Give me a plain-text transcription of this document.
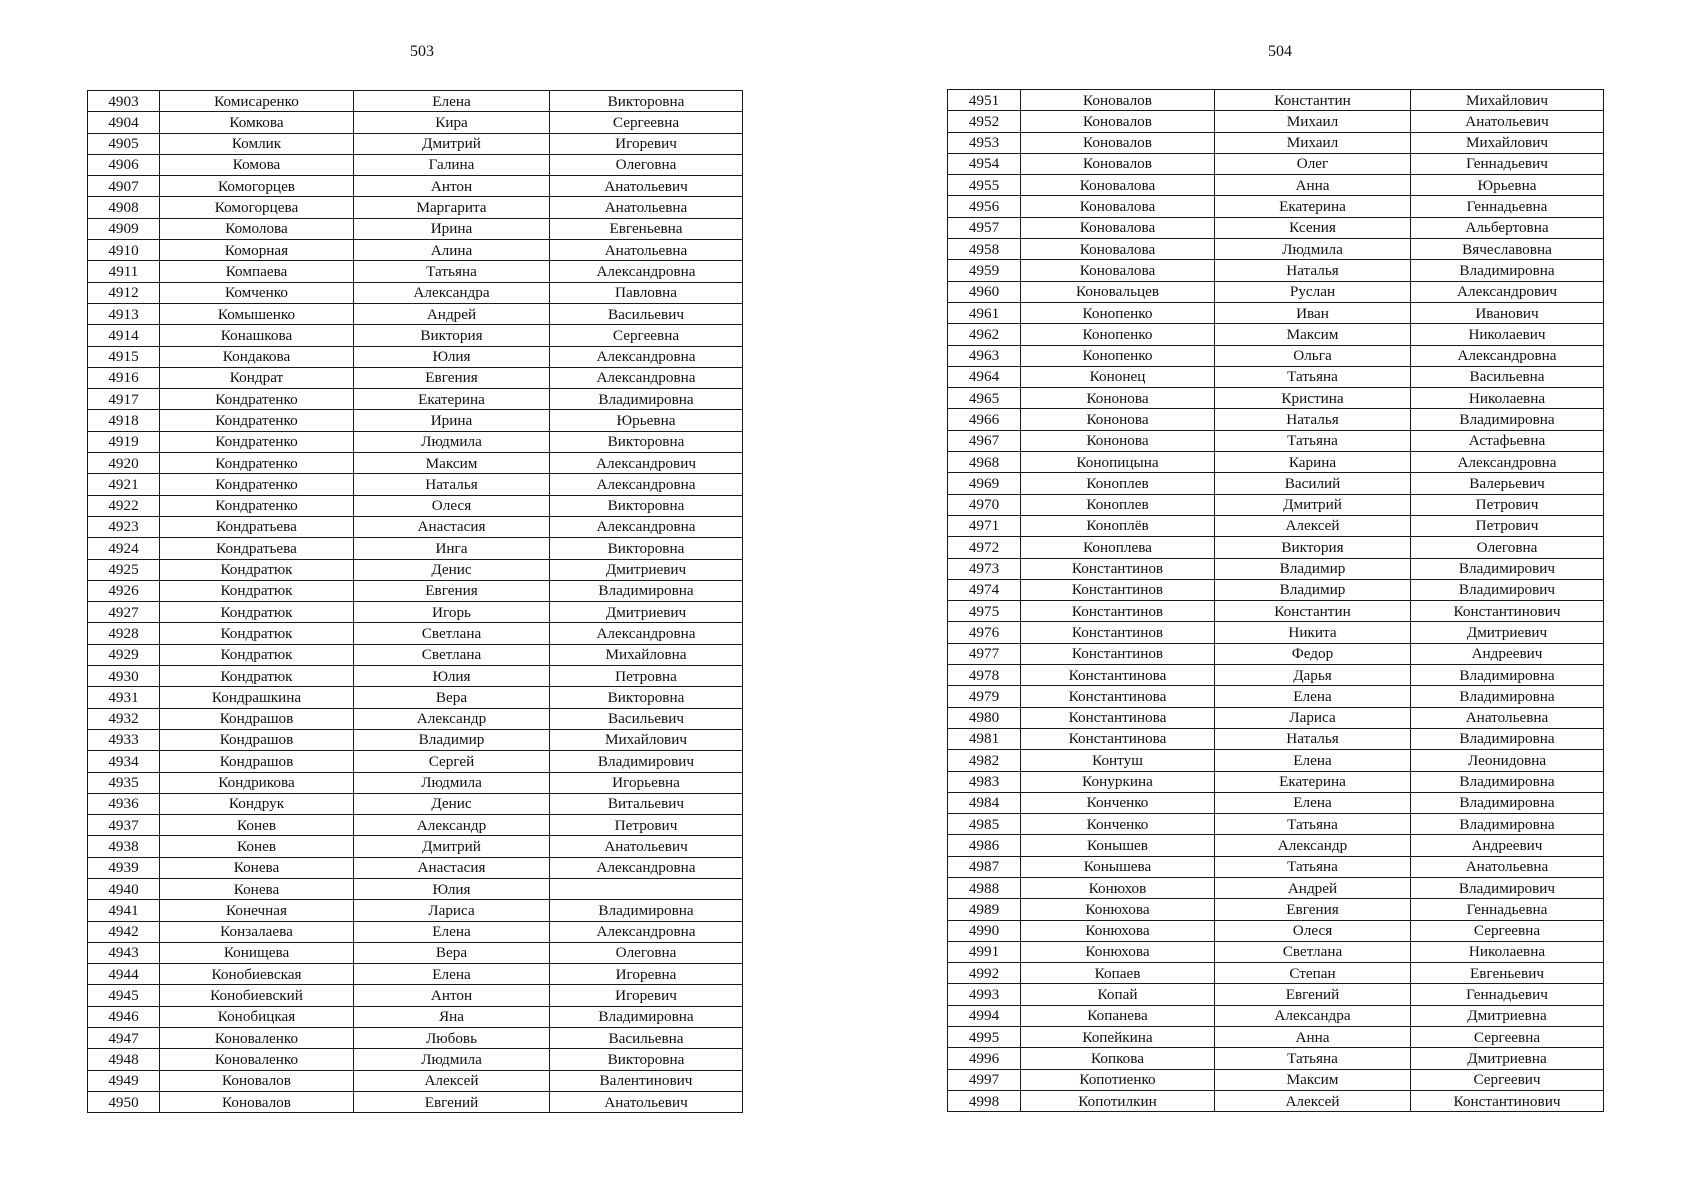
503	504
4903	Комисаренко	Елена	Викторовна
4904	Комкова	Кира	Сергеевна
4905	Комлик	Дмитрий	Игоревич
4906	Комова	Галина	Олеговна
4907	Комогорцев	Антон	Анатольевич
4908	Комогорцева	Маргарита	Анатольевна
4909	Комолова	Ирина	Евгеньевна
4910	Коморная	Алина	Анатольевна
4911	Компаева	Татьяна	Александровна
4912	Комченко	Александра	Павловна
4913	Комышенко	Андрей	Васильевич
4914	Конашкова	Виктория	Сергеевна
4915	Кондакова	Юлия	Александровна
4916	Кондрат	Евгения	Александровна
4917	Кондратенко	Екатерина	Владимировна
4918	Кондратенко	Ирина	Юрьевна
4919	Кондратенко	Людмила	Викторовна
4920	Кондратенко	Максим	Александрович
4921	Кондратенко	Наталья	Александровна
4922	Кондратенко	Олеся	Викторовна
4923	Кондратьева	Анастасия	Александровна
4924	Кондратьева	Инга	Викторовна
4925	Кондратюк	Денис	Дмитриевич
4926	Кондратюк	Евгения	Владимировна
4927	Кондратюк	Игорь	Дмитриевич
4928	Кондратюк	Светлана	Александровна
4929	Кондратюк	Светлана	Михайловна
4930	Кондратюк	Юлия	Петровна
4931	Кондрашкина	Вера	Викторовна
4932	Кондрашов	Александр	Васильевич
4933	Кондрашов	Владимир	Михайлович
4934	Кондрашов	Сергей	Владимирович
4935	Кондрикова	Людмила	Игорьевна
4936	Кондрук	Денис	Витальевич
4937	Конев	Александр	Петрович
4938	Конев	Дмитрий	Анатольевич
4939	Конева	Анастасия	Александровна
4940	Конева	Юлия	
4941	Конечная	Лариса	Владимировна
4942	Конзалаева	Елена	Александровна
4943	Конищева	Вера	Олеговна
4944	Конобиевская	Елена	Игоревна
4945	Конобиевский	Антон	Игоревич
4946	Конобицкая	Яна	Владимировна
4947	Коноваленко	Любовь	Васильевна
4948	Коноваленко	Людмила	Викторовна
4949	Коновалов	Алексей	Валентинович
4950	Коновалов	Евгений	Анатольевич
4951	Коновалов	Константин	Михайлович
4952	Коновалов	Михаил	Анатольевич
4953	Коновалов	Михаил	Михайлович
4954	Коновалов	Олег	Геннадьевич
4955	Коновалова	Анна	Юрьевна
4956	Коновалова	Екатерина	Геннадьевна
4957	Коновалова	Ксения	Альбертовна
4958	Коновалова	Людмила	Вячеславовна
4959	Коновалова	Наталья	Владимировна
4960	Коновальцев	Руслан	Александрович
4961	Конопенко	Иван	Иванович
4962	Конопенко	Максим	Николаевич
4963	Конопенко	Ольга	Александровна
4964	Кононец	Татьяна	Васильевна
4965	Кононова	Кристина	Николаевна
4966	Кононова	Наталья	Владимировна
4967	Кононова	Татьяна	Астафьевна
4968	Конопицына	Карина	Александровна
4969	Коноплев	Василий	Валерьевич
4970	Коноплев	Дмитрий	Петрович
4971	Коноплёв	Алексей	Петрович
4972	Коноплева	Виктория	Олеговна
4973	Константинов	Владимир	Владимирович
4974	Константинов	Владимир	Владимирович
4975	Константинов	Константин	Константинович
4976	Константинов	Никита	Дмитриевич
4977	Константинов	Федор	Андреевич
4978	Константинова	Дарья	Владимировна
4979	Константинова	Елена	Владимировна
4980	Константинова	Лариса	Анатольевна
4981	Константинова	Наталья	Владимировна
4982	Контуш	Елена	Леонидовна
4983	Конуркина	Екатерина	Владимировна
4984	Конченко	Елена	Владимировна
4985	Конченко	Татьяна	Владимировна
4986	Конышев	Александр	Андреевич
4987	Конышева	Татьяна	Анатольевна
4988	Конюхов	Андрей	Владимирович
4989	Конюхова	Евгения	Геннадьевна
4990	Конюхова	Олеся	Сергеевна
4991	Конюхова	Светлана	Николаевна
4992	Копаев	Степан	Евгеньевич
4993	Копай	Евгений	Геннадьевич
4994	Копанева	Александра	Дмитриевна
4995	Копейкина	Анна	Сергеевна
4996	Копкова	Татьяна	Дмитриевна
4997	Копотиенко	Максим	Сергеевич
4998	Копотилкин	Алексей	Константинович
